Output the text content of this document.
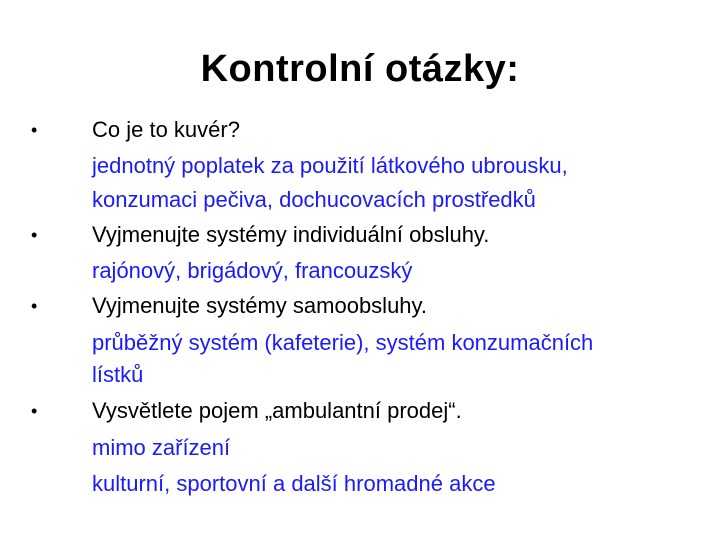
Kontrolní otázky:
• Co je to kuvér?
jednotný poplatek za použití látkového ubrousku,
konzumaci pečiva, dochucovacích prostředků
• Vyjmenujte systémy individuální obsluhy.
rajónový, brigádový, francouzský
• Vyjmenujte systémy samoobsluhy.
průběžný systém (kafeterie), systém konzumačních
lístků
• Vysvětlete pojem „ambulantní prodej“.
mimo zařízení
kulturní, sportovní a další hromadné akce
